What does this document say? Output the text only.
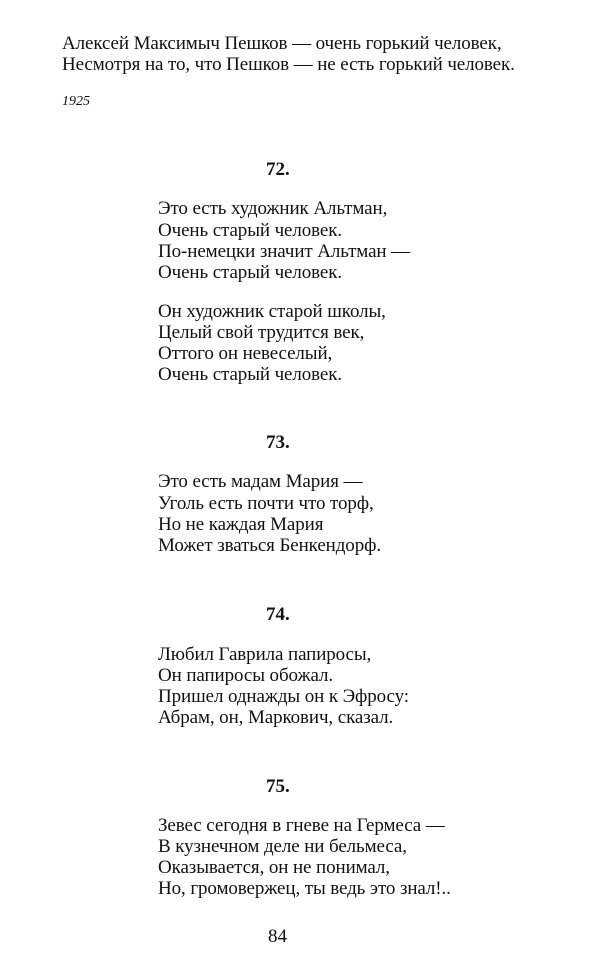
Алексей Максимыч Пешков — очень горький человек,
Несмотря на то, что Пешков — не есть горький человек.
1925
72.
Это есть художник Альтман,
Очень старый человек.
По-немецки значит Альтман —
Очень старый человек.
Он художник старой школы,
Целый свой трудится век,
Оттого он невеселый,
Очень старый человек.
73.
Это есть мадам Мария —
Уголь есть почти что торф,
Но не каждая Мария
Может зваться Бенкендорф.
74.
Любил Гаврила папиросы,
Он папиросы обожал.
Пришел однажды он к Эфросу:
Абрам, он, Маркович, сказал.
75.
Зевес сегодня в гневе на Гермеса —
В кузнечном деле ни бельмеса,
Оказывается, он не понимал,
Но, громовержец, ты ведь это знал!..
84
